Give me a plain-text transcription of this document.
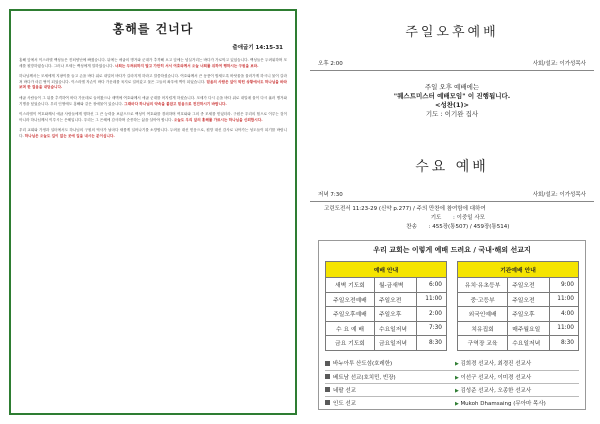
홍해를 건너다
출애굽기 14:15-31

홍해 앞에서 이스라엘 백성들은 진퇴양난에 빠졌습니다. 뒤에는 애굽의 병거와 군대가 추격해 오고 앞에는 넘실거리는 바다가 가로막고 있었습니다. 백성들은 두려워하며 모세를 원망하였습니다. 그러나 모세는 백성에게 말하였습니다. 너희는 두려워하지 말고 가만히 서서 여호와께서 오늘 너희를 위하여 행하시는 구원을 보라.

하나님께서는 모세에게 지팡이를 들고 손을 바다 위로 내밀어 바다가 갈라지게 하라고 말씀하셨습니다. 여호와께서 큰 동풍이 밤새도록 바닷물을 물러가게 하시니 물이 갈라져 바다가 마른 땅이 되었습니다. 이스라엘 자손이 바다 가운데를 육지로 걸어갔고 물은 그들의 좌우에 벽이 되었습니다. 믿음의 사람은 앞이 막힌 상황에서도 하나님을 바라보며 한 걸음을 내딛습니다.

애굽 사람들이 그 뒤를 추격하여 바다 가운데로 들어왔으나 새벽에 여호와께서 애굽 군대를 어지럽게 하셨습니다. 모세가 다시 손을 바다 위로 내밀매 물이 다시 흘러 병거와 기병을 덮었습니다. 우리 인생에도 홍해와 같은 장애물이 있습니다. 그때마다 하나님의 약속을 붙잡고 믿음으로 전진하시기 바랍니다.

이스라엘이 여호와께서 애굽 사람들에게 행하신 그 큰 능력을 보았으므로 백성이 여호와를 경외하며 여호와와 그의 종 모세를 믿었더라. 구원은 우리의 힘으로 이루는 것이 아니라 하나님께서 이루시는 은혜입니다. 우리는 그 은혜에 감사하며 순종하는 삶을 살아야 합니다. 오늘도 우리 앞의 홍해를 가르시는 하나님을 신뢰합시다.

우리 교회와 가정과 일터에서도 하나님의 구원의 역사가 날마다 새롭게 일어나기를 소망합니다. 두려움 대신 믿음으로, 원망 대신 감사로 나아가는 성도들이 되기를 바랍니다. 하나님은 오늘도 길이 없는 곳에 길을 내시는 분이십니다.

주일오후예배
오후 2:00	사회/설교: 이가성목사
주일 오후 예배에는
"퀘스트미스터 예배모임" 이 진행됩니다.
<성찬(1)>
기도 : 이기완 집사
수요 예배
저녁 7:30	사회/설교: 이가성목사
고린도전서 11:23-29 (신약 p.277) / 주의 만찬에 참여함에 대하여
기도 : 이중일 사모
찬송 : 455장(통507) / 459장(통514)
우리 교회는 이렇게 예배 드려요 / 국내·해외 선교지
예배 안내		
새벽 기도회	월-금새벽	6:00
주일오전예배	주일오전	11:00
주일오후예배	주일오후	2:00
수 요 예 배	수요일저녁	7:30
금요 기도회	금요일저녁	8:30
기관예배 안내		
유치·유초등부	주일오전	9:00
중·고등부	주일오전	11:00
외국인예배	주일오후	4:00
치유집회	매주월요일	11:00
구역장 교육	수요일저녁	8:30
바누아투 산도섬(호레한)	▶ 김희경 선교사, 최경진 선교사
베트남 선교(호치민, 빈장)	▶ 이선구 선교사, 이미경 선교사
네팔 선교	▶ 김성준 선교사, 오종한 선교사
인도 선교	▶ Mukoh Dhamsaing (무아마 목사)
